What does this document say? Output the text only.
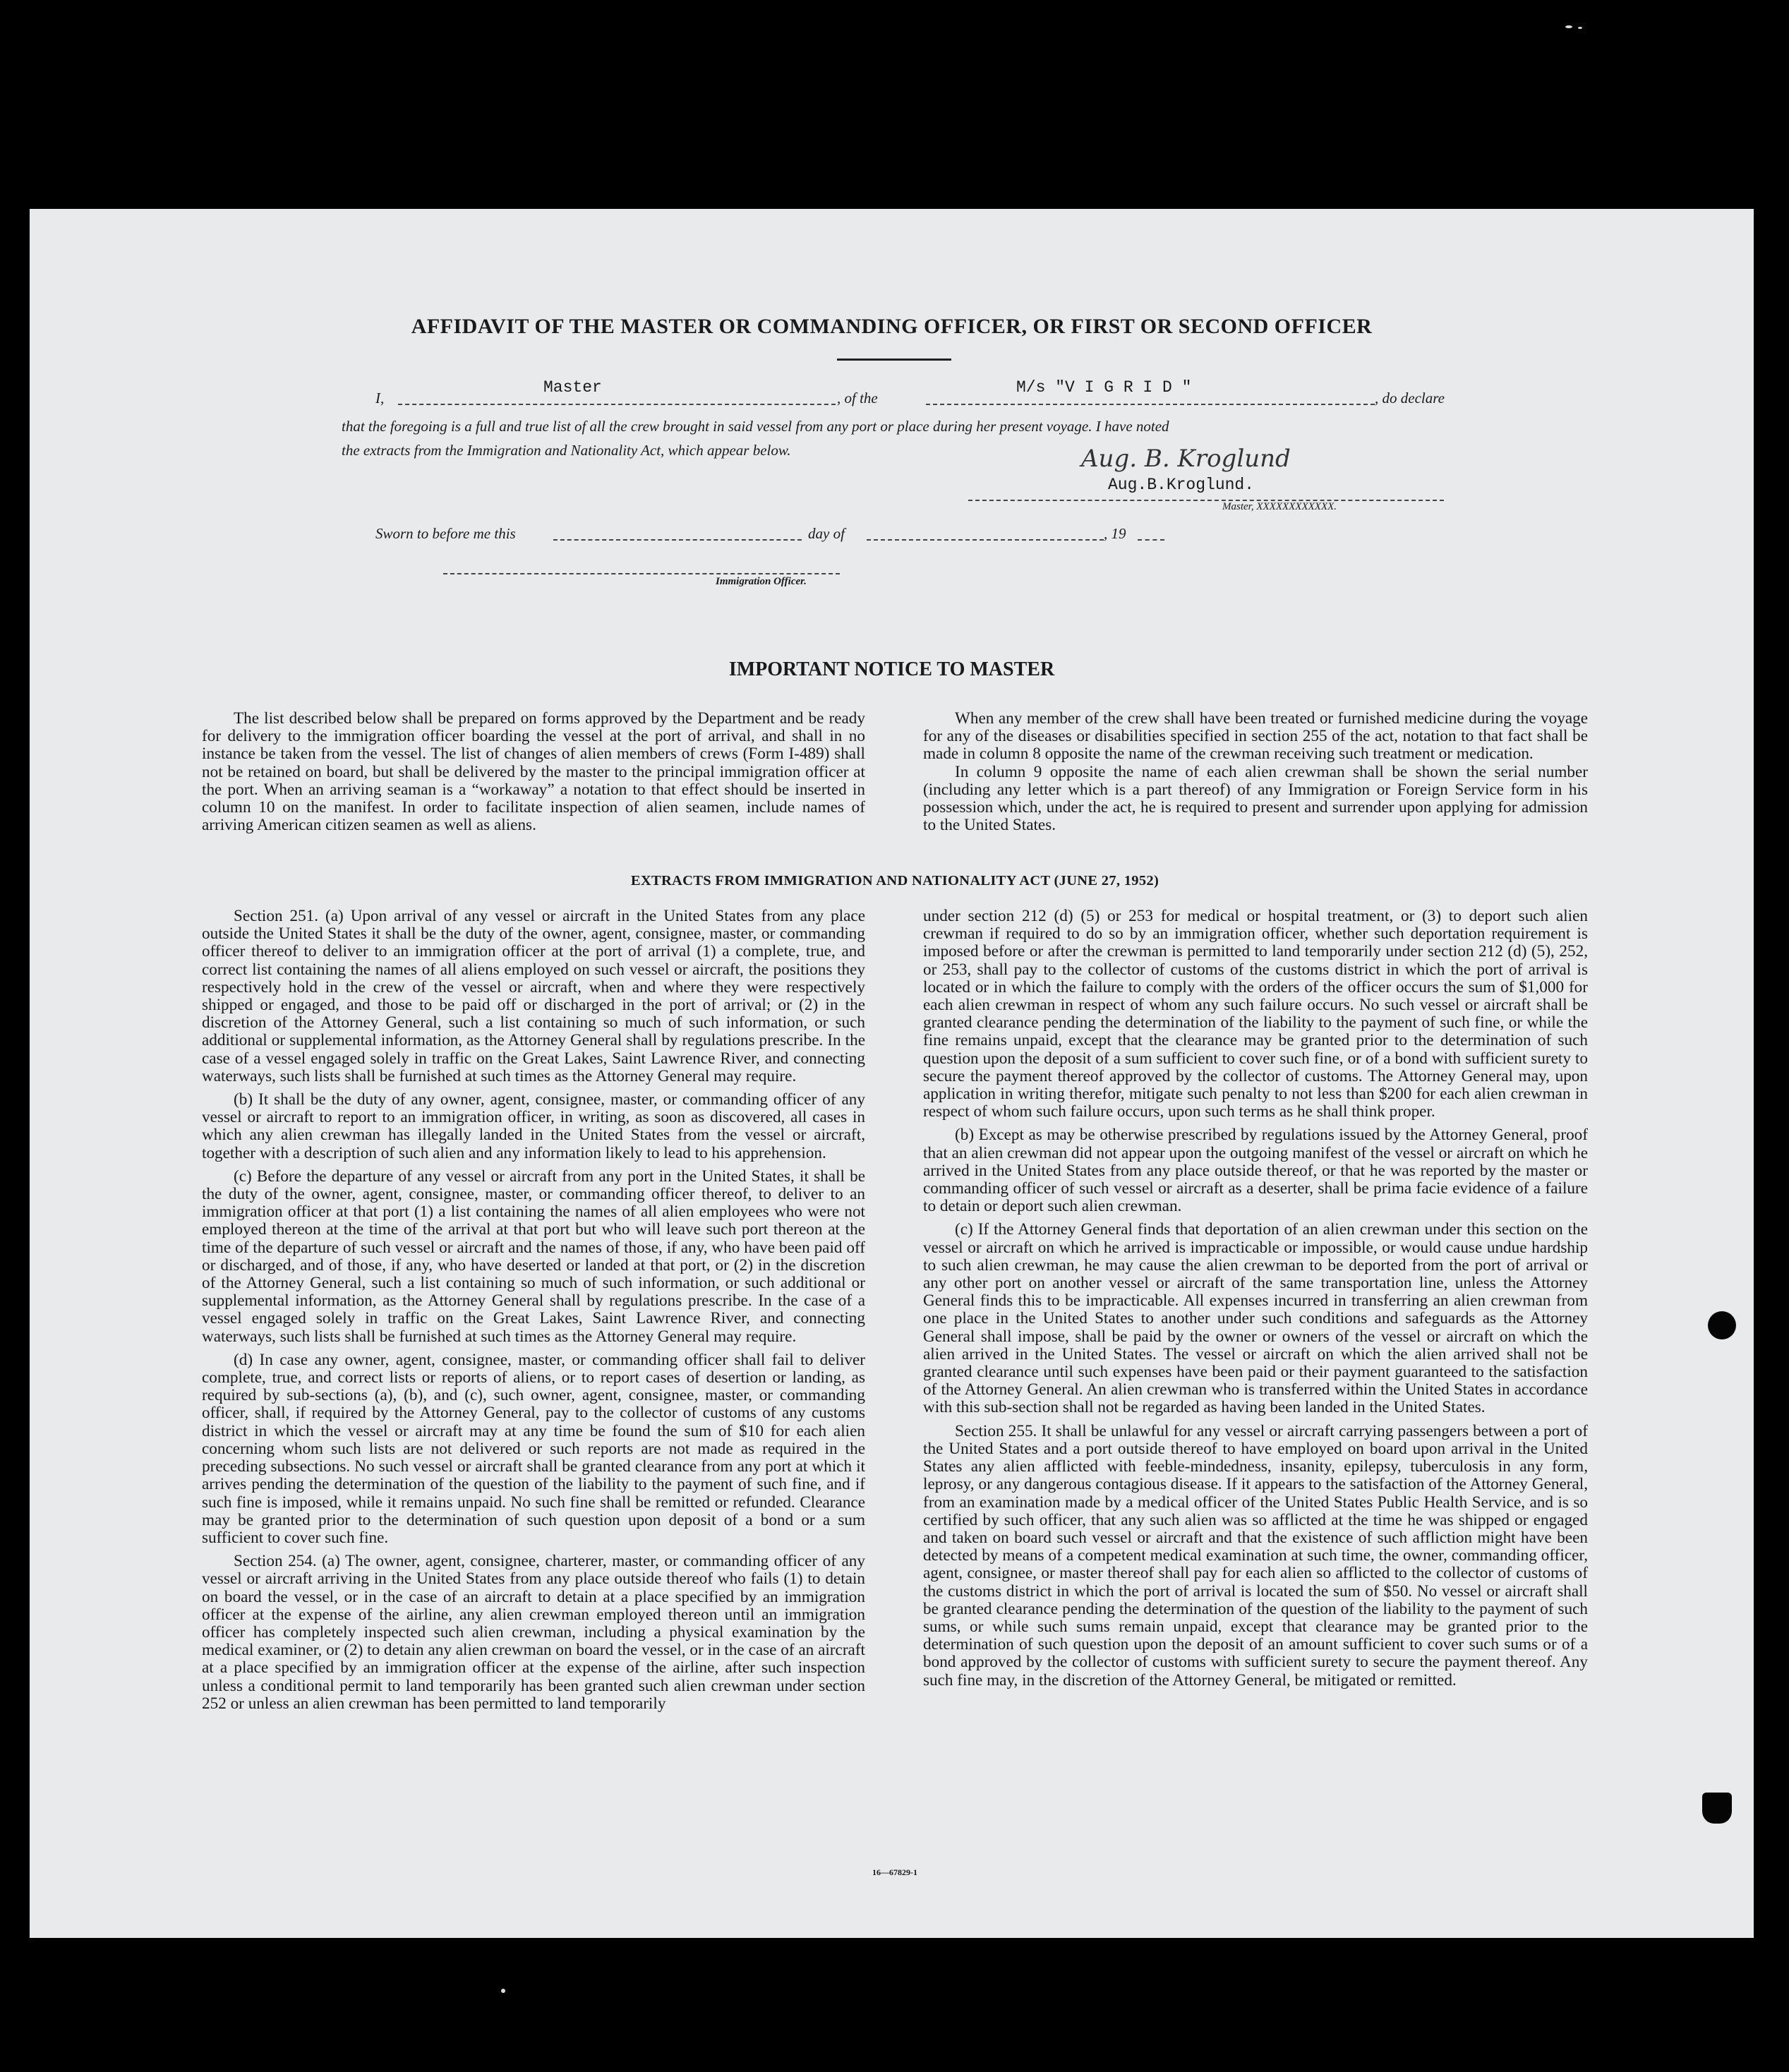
AFFIDAVIT OF THE MASTER OR COMMANDING OFFICER, OR FIRST OR SECOND OFFICER
I,
Master
, of the
M/s "V I G R I D "
, do declare
that the foregoing is a full and true list of all the crew brought in said vessel from any port or place during her present voyage. I have noted
the extracts from the Immigration and Nationality Act, which appear below.	Aug. B. Kroglund
Aug.B.Kroglund.
Master, XXXXXXXXXXXX.
Sworn to before me this	day of	, 19
Immigration Officer.
IMPORTANT NOTICE TO MASTER

The list described below shall be prepared on forms approved by the Department and be ready for delivery to the immigration officer boarding the vessel at the port of arrival, and shall in no instance be taken from the vessel. The list of changes of alien members of crews (Form I-489) shall not be retained on board, but shall be delivered by the master to the principal immigration officer at the port. When an arriving seaman is a “workaway” a notation to that effect should be inserted in column 10 on the manifest. In order to facilitate inspection of alien seamen, include names of arriving American citizen seamen as well as aliens.

When any member of the crew shall have been treated or furnished medicine during the voyage for any of the diseases or disabilities specified in section 255 of the act, notation to that fact shall be made in column 8 opposite the name of the crewman receiving such treatment or medication.

In column 9 opposite the name of each alien crewman shall be shown the serial number (including any letter which is a part thereof) of any Immigration or Foreign Service form in his possession which, under the act, he is required to present and surrender upon applying for admission to the United States.

EXTRACTS FROM IMMIGRATION AND NATIONALITY ACT (JUNE 27, 1952)

Section 251. (a) Upon arrival of any vessel or aircraft in the United States from any place outside the United States it shall be the duty of the owner, agent, consignee, master, or commanding officer thereof to deliver to an immigration officer at the port of arrival (1) a complete, true, and correct list containing the names of all aliens employed on such vessel or aircraft, the positions they respectively hold in the crew of the vessel or aircraft, when and where they were respectively shipped or engaged, and those to be paid off or discharged in the port of arrival; or (2) in the discretion of the Attorney General, such a list containing so much of such information, or such additional or supplemental information, as the Attorney General shall by regulations prescribe. In the case of a vessel engaged solely in traffic on the Great Lakes, Saint Lawrence River, and connecting waterways, such lists shall be furnished at such times as the Attorney General may require.

(b) It shall be the duty of any owner, agent, consignee, master, or commanding officer of any vessel or aircraft to report to an immigration officer, in writing, as soon as discovered, all cases in which any alien crewman has illegally landed in the United States from the vessel or aircraft, together with a description of such alien and any information likely to lead to his apprehension.

(c) Before the departure of any vessel or aircraft from any port in the United States, it shall be the duty of the owner, agent, consignee, master, or commanding officer thereof, to deliver to an immigration officer at that port (1) a list containing the names of all alien employees who were not employed thereon at the time of the arrival at that port but who will leave such port thereon at the time of the departure of such vessel or aircraft and the names of those, if any, who have been paid off or discharged, and of those, if any, who have deserted or landed at that port, or (2) in the discretion of the Attorney General, such a list containing so much of such information, or such additional or supplemental information, as the Attorney General shall by regulations prescribe. In the case of a vessel engaged solely in traffic on the Great Lakes, Saint Lawrence River, and connecting waterways, such lists shall be furnished at such times as the Attorney General may require.

(d) In case any owner, agent, consignee, master, or commanding officer shall fail to deliver complete, true, and correct lists or reports of aliens, or to report cases of desertion or landing, as required by sub-sections (a), (b), and (c), such owner, agent, consignee, master, or commanding officer, shall, if required by the Attorney General, pay to the collector of customs of any customs district in which the vessel or aircraft may at any time be found the sum of $10 for each alien concerning whom such lists are not delivered or such reports are not made as required in the preceding subsections. No such vessel or aircraft shall be granted clearance from any port at which it arrives pending the determination of the question of the liability to the payment of such fine, and if such fine is imposed, while it remains unpaid. No such fine shall be remitted or refunded. Clearance may be granted prior to the determination of such question upon deposit of a bond or a sum sufficient to cover such fine.

Section 254. (a) The owner, agent, consignee, charterer, master, or commanding officer of any vessel or aircraft arriving in the United States from any place outside thereof who fails (1) to detain on board the vessel, or in the case of an aircraft to detain at a place specified by an immigration officer at the expense of the airline, any alien crewman employed thereon until an immigration officer has completely inspected such alien crewman, including a physical examination by the medical examiner, or (2) to detain any alien crewman on board the vessel, or in the case of an aircraft at a place specified by an immigration officer at the expense of the airline, after such inspection unless a conditional permit to land temporarily has been granted such alien crewman under section 252 or unless an alien crewman has been permitted to land temporarily

under section 212 (d) (5) or 253 for medical or hospital treatment, or (3) to deport such alien crewman if required to do so by an immigration officer, whether such deportation requirement is imposed before or after the crewman is permitted to land temporarily under section 212 (d) (5), 252, or 253, shall pay to the collector of customs of the customs district in which the port of arrival is located or in which the failure to comply with the orders of the officer occurs the sum of $1,000 for each alien crewman in respect of whom any such failure occurs. No such vessel or aircraft shall be granted clearance pending the determination of the liability to the payment of such fine, or while the fine remains unpaid, except that the clearance may be granted prior to the determination of such question upon the deposit of a sum sufficient to cover such fine, or of a bond with sufficient surety to secure the payment thereof approved by the collector of customs. The Attorney General may, upon application in writing therefor, mitigate such penalty to not less than $200 for each alien crewman in respect of whom such failure occurs, upon such terms as he shall think proper.

(b) Except as may be otherwise prescribed by regulations issued by the Attorney General, proof that an alien crewman did not appear upon the outgoing manifest of the vessel or aircraft on which he arrived in the United States from any place outside thereof, or that he was reported by the master or commanding officer of such vessel or aircraft as a deserter, shall be prima facie evidence of a failure to detain or deport such alien crewman.

(c) If the Attorney General finds that deportation of an alien crewman under this section on the vessel or aircraft on which he arrived is impracticable or impossible, or would cause undue hardship to such alien crewman, he may cause the alien crewman to be deported from the port of arrival or any other port on another vessel or aircraft of the same transportation line, unless the Attorney General finds this to be impracticable. All expenses incurred in transferring an alien crewman from one place in the United States to another under such conditions and safeguards as the Attorney General shall impose, shall be paid by the owner or owners of the vessel or aircraft on which the alien arrived in the United States. The vessel or aircraft on which the alien arrived shall not be granted clearance until such expenses have been paid or their payment guaranteed to the satisfaction of the Attorney General. An alien crewman who is transferred within the United States in accordance with this sub-section shall not be regarded as having been landed in the United States.

Section 255. It shall be unlawful for any vessel or aircraft carrying passengers between a port of the United States and a port outside thereof to have employed on board upon arrival in the United States any alien afflicted with feeble-mindedness, insanity, epilepsy, tuberculosis in any form, leprosy, or any dangerous contagious disease. If it appears to the satisfaction of the Attorney General, from an examination made by a medical officer of the United States Public Health Service, and is so certified by such officer, that any such alien was so afflicted at the time he was shipped or engaged and taken on board such vessel or aircraft and that the existence of such affliction might have been detected by means of a competent medical examination at such time, the owner, commanding officer, agent, consignee, or master thereof shall pay for each alien so afflicted to the collector of customs of the customs district in which the port of arrival is located the sum of $50. No vessel or aircraft shall be granted clearance pending the determination of the question of the liability to the payment of such sums, or while such sums remain unpaid, except that clearance may be granted prior to the determination of such question upon the deposit of an amount sufficient to cover such sums or of a bond approved by the collector of customs with sufficient surety to secure the payment thereof. Any such fine may, in the discretion of the Attorney General, be mitigated or remitted.

16—67829-1
